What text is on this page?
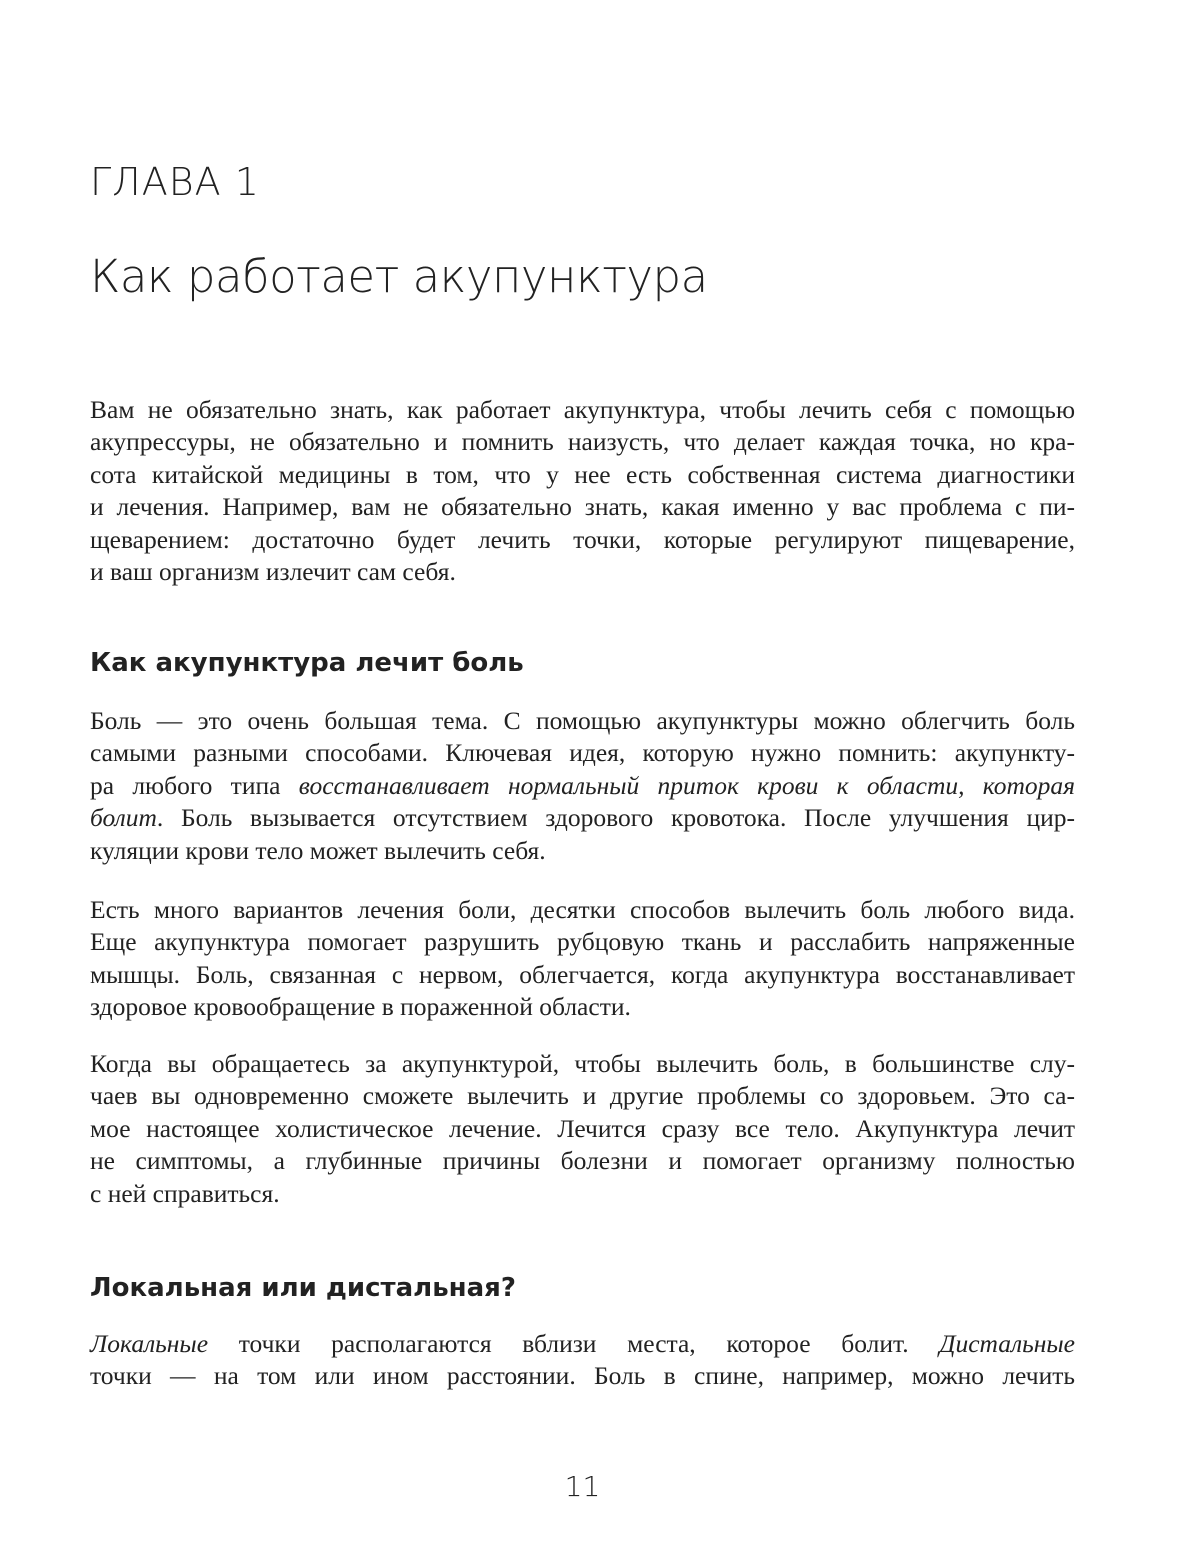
ГЛАВА 1
Как работает акупунктура
Вам не обязательно знать, как работает акупунктура, чтобы лечить себя с помощью
акупрессуры, не обязательно и помнить наизусть, что делает каждая точка, но кра-
сота китайской медицины в том, что у нее есть собственная система диагностики
и лечения. Например, вам не обязательно знать, какая именно у вас проблема с пи-
щеварением: достаточно будет лечить точки, которые регулируют пищеварение,
и ваш организм излечит сам себя.
Как акупунктура лечит боль
Боль — это очень большая тема. С помощью акупунктуры можно облегчить боль
самыми разными способами. Ключевая идея, которую нужно помнить: акупункту-
ра любого типа восстанавливает нормальный приток крови к области, которая
болит. Боль вызывается отсутствием здорового кровотока. После улучшения цир-
куляции крови тело может вылечить себя.
Есть много вариантов лечения боли, десятки способов вылечить боль любого вида.
Еще акупунктура помогает разрушить рубцовую ткань и расслабить напряженные
мышцы. Боль, связанная с нервом, облегчается, когда акупунктура восстанавливает
здоровое кровообращение в пораженной области.
Когда вы обращаетесь за акупунктурой, чтобы вылечить боль, в большинстве слу-
чаев вы одновременно сможете вылечить и другие проблемы со здоровьем. Это са-
мое настоящее холистическое лечение. Лечится сразу все тело. Акупунктура лечит
не симптомы, а глубинные причины болезни и помогает организму полностью
с ней справиться.
Локальная или дистальная?
Локальные точки располагаются вблизи места, которое болит. Дистальные
точки — на том или ином расстоянии. Боль в спине, например, можно лечить
11
